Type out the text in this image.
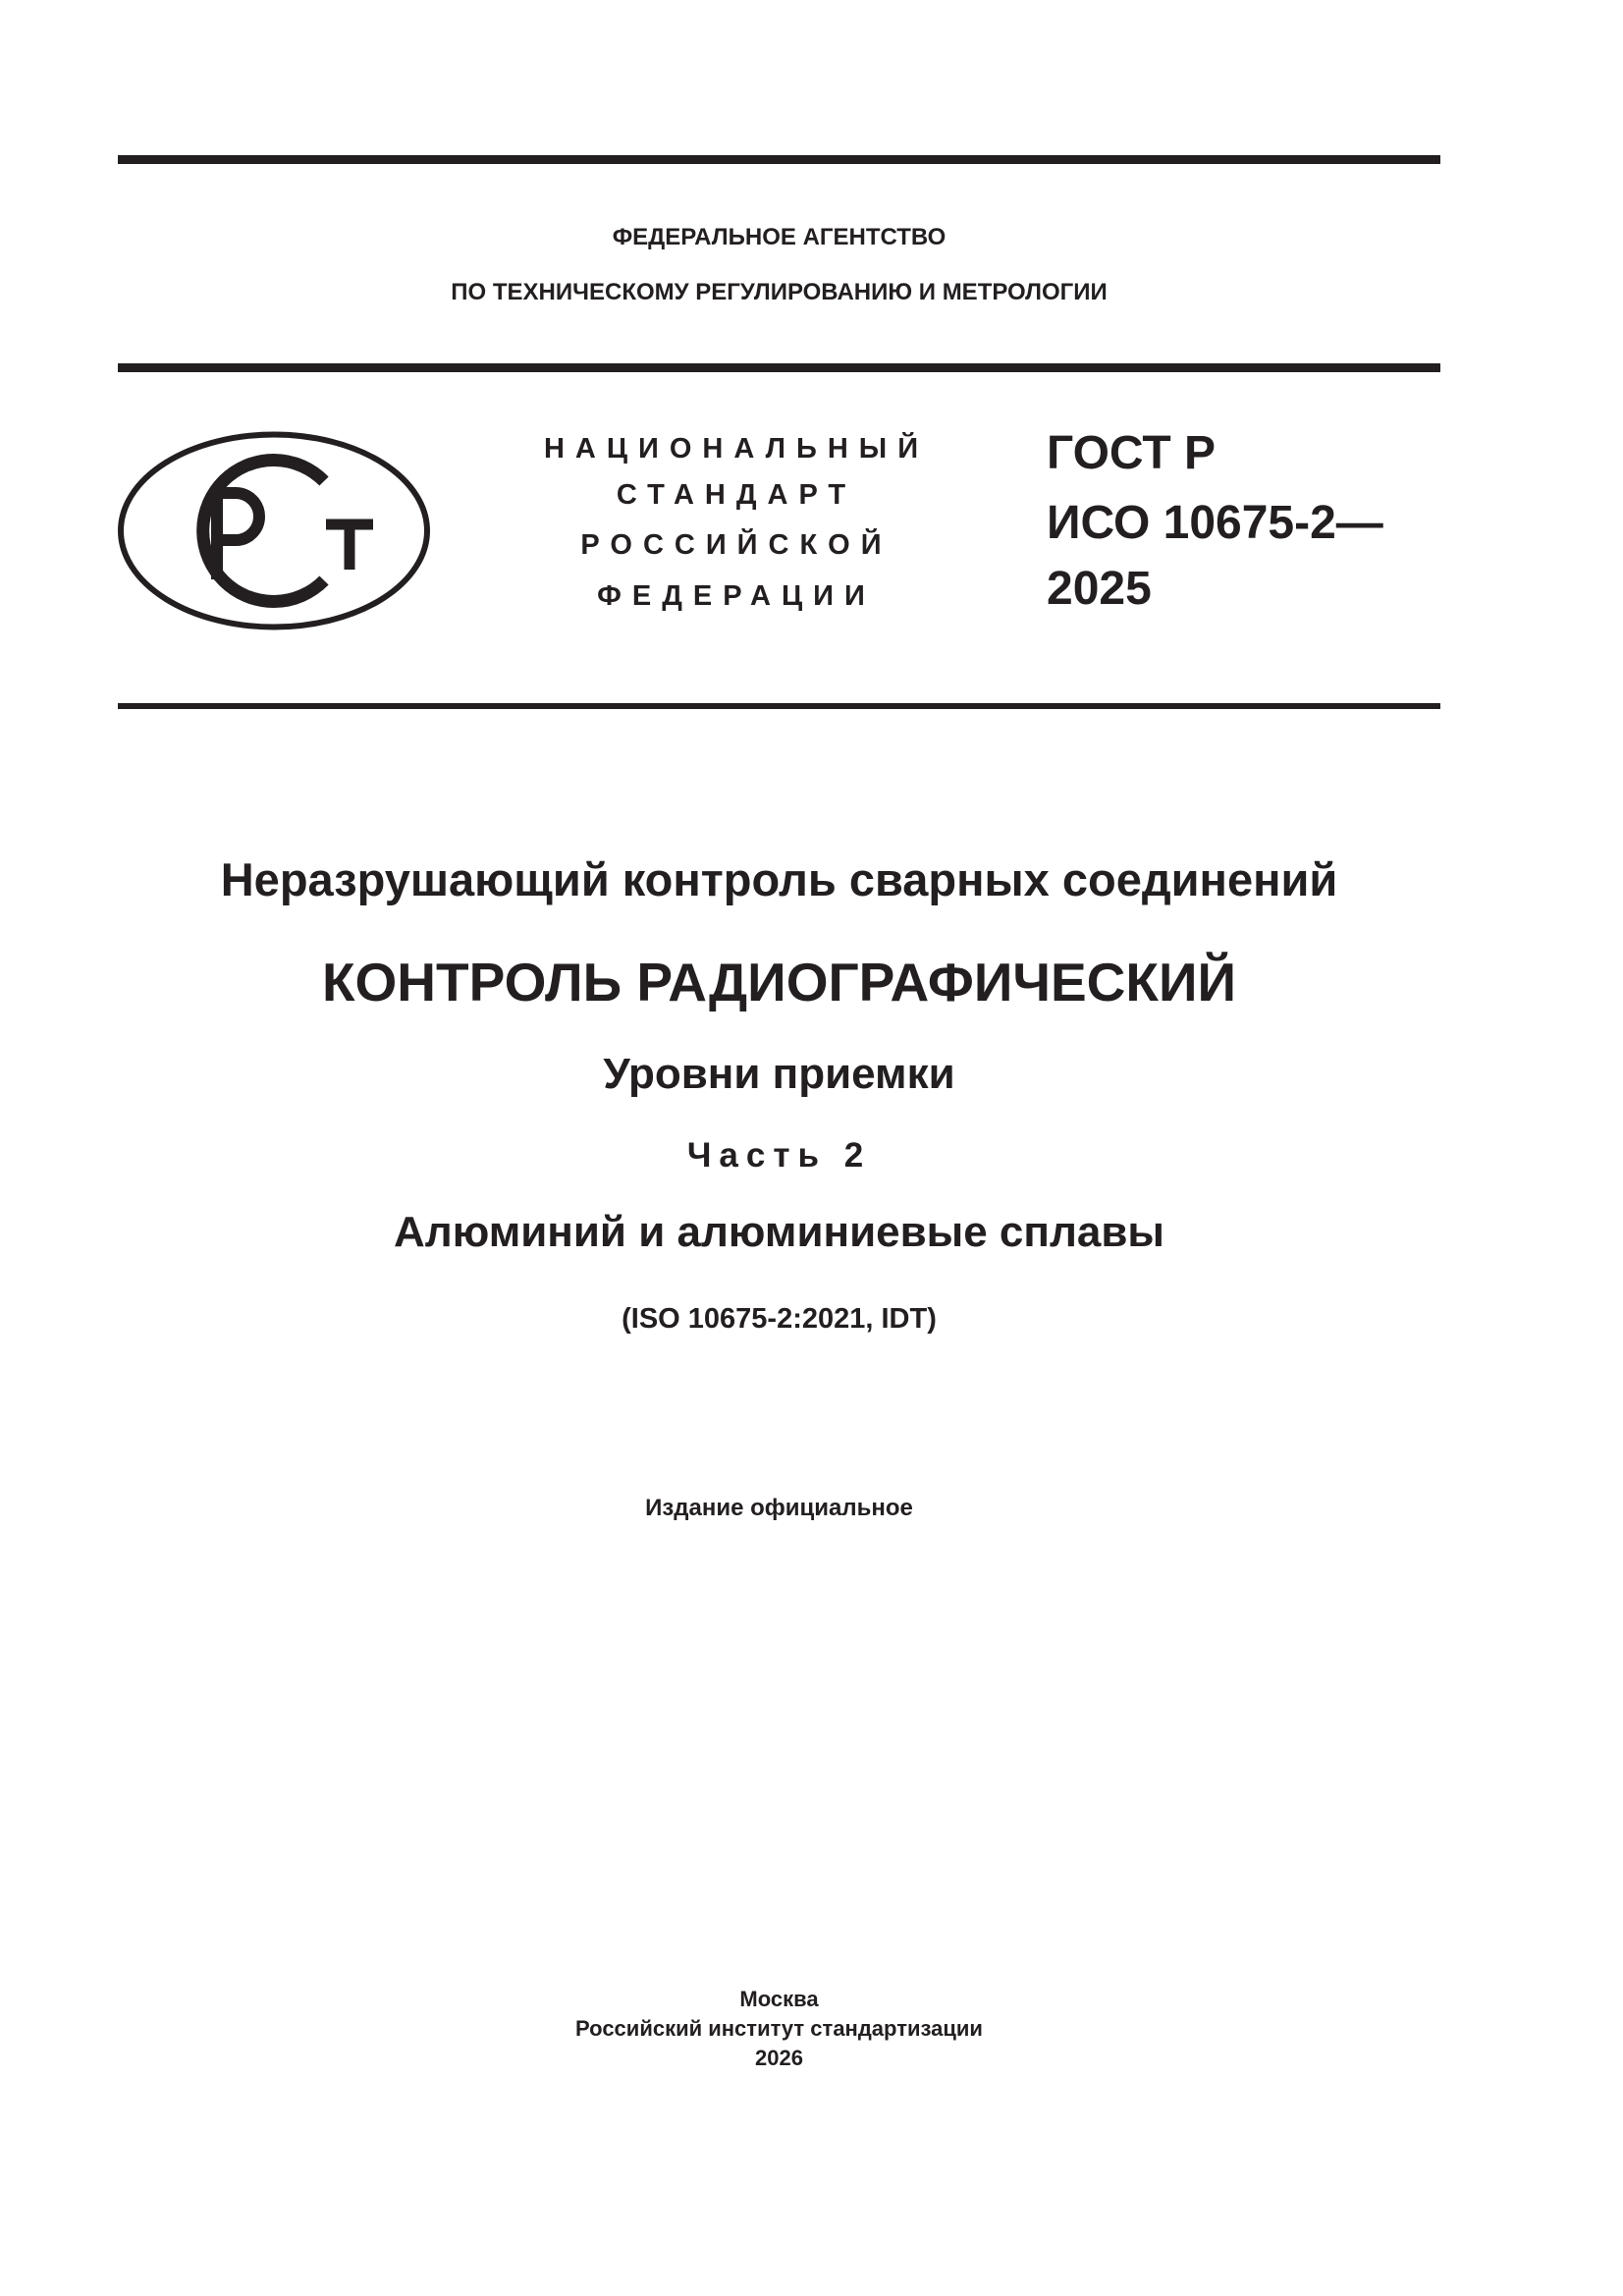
ФЕДЕРАЛЬНОЕ АГЕНТСТВО
ПО ТЕХНИЧЕСКОМУ РЕГУЛИРОВАНИЮ И МЕТРОЛОГИИ
НАЦИОНАЛЬНЫЙ
СТАНДАРТ
РОССИЙСКОЙ
ФЕДЕРАЦИИ
ГОСТ Р
ИСО 10675-2—
2025
Неразрушающий контроль сварных соединений
КОНТРОЛЬ РАДИОГРАФИЧЕСКИЙ
Уровни приемки
Часть 2
Алюминий и алюминиевые сплавы
(ISO 10675-2:2021, IDT)
Издание официальное
Москва
Российский институт стандартизации
2026
